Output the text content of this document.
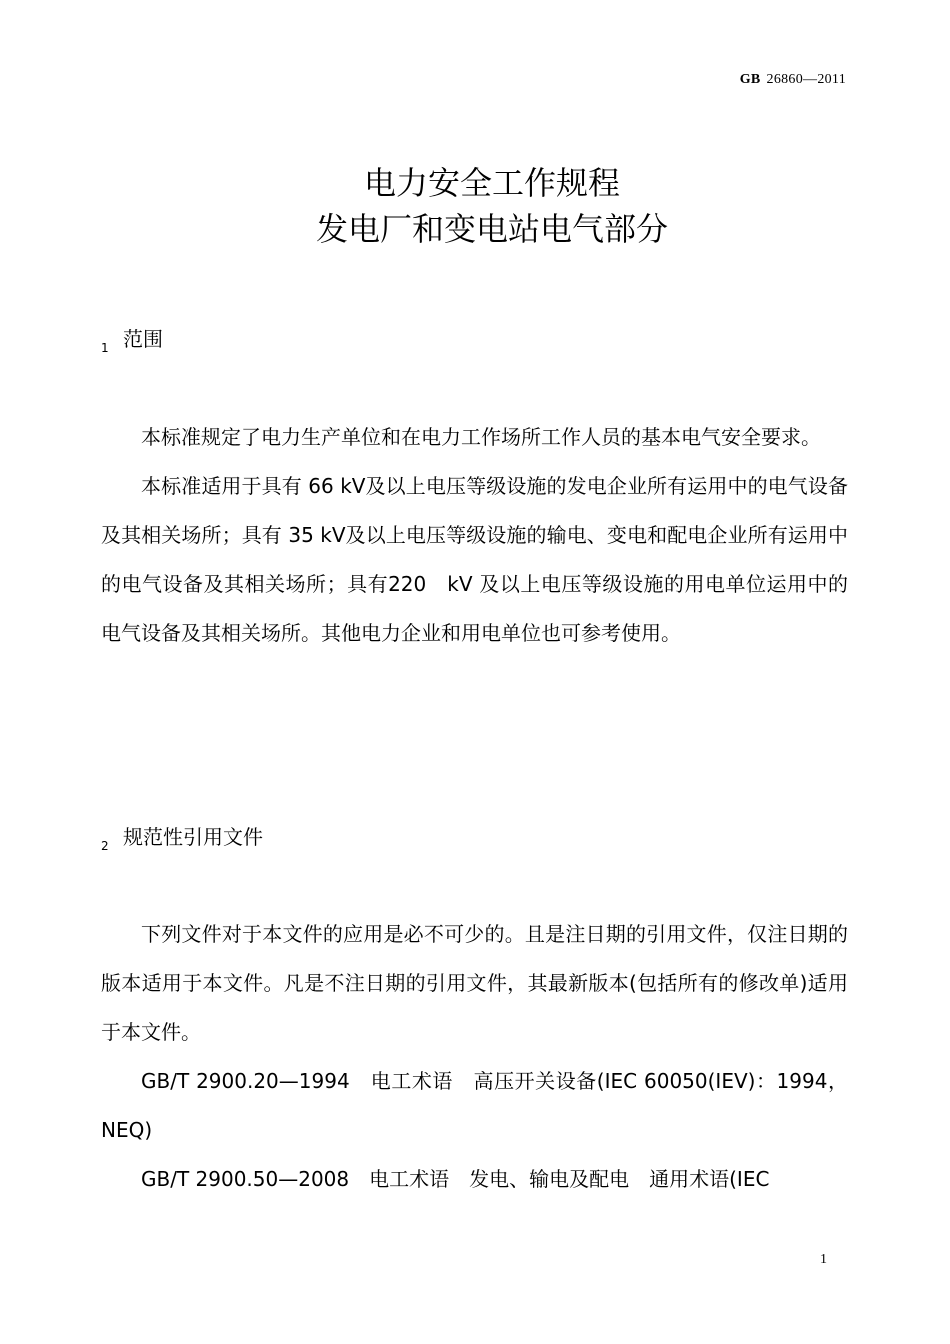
GB 26860—2011
电力安全工作规程
发电厂和变电站电气部分
1 范围

本标准规定了电力生产单位和在电力工作场所工作人员的基本电气安全要求。

本标准适用于具有 66 kV及以上电压等级设施的发电企业所有运用中的电气设备及其相关场所；具有 35 kV及以上电压等级设施的输电、变电和配电企业所有运用中的电气设备及其相关场所；具有220　kV 及以上电压等级设施的用电单位运用中的电气设备及其相关场所。其他电力企业和用电单位也可参考使用。

2 规范性引用文件

下列文件对于本文件的应用是必不可少的。且是注日期的引用文件，仅注日期的版本适用于本文件。凡是不注日期的引用文件，其最新版本(包括所有的修改单)适用于本文件。

GB/T 2900.20—1994　电工术语　高压开关设备(IEC 60050(IEV)：1994，NEQ)

GB/T 2900.50—2008　电工术语　发电、输电及配电　通用术语(IEC

1
